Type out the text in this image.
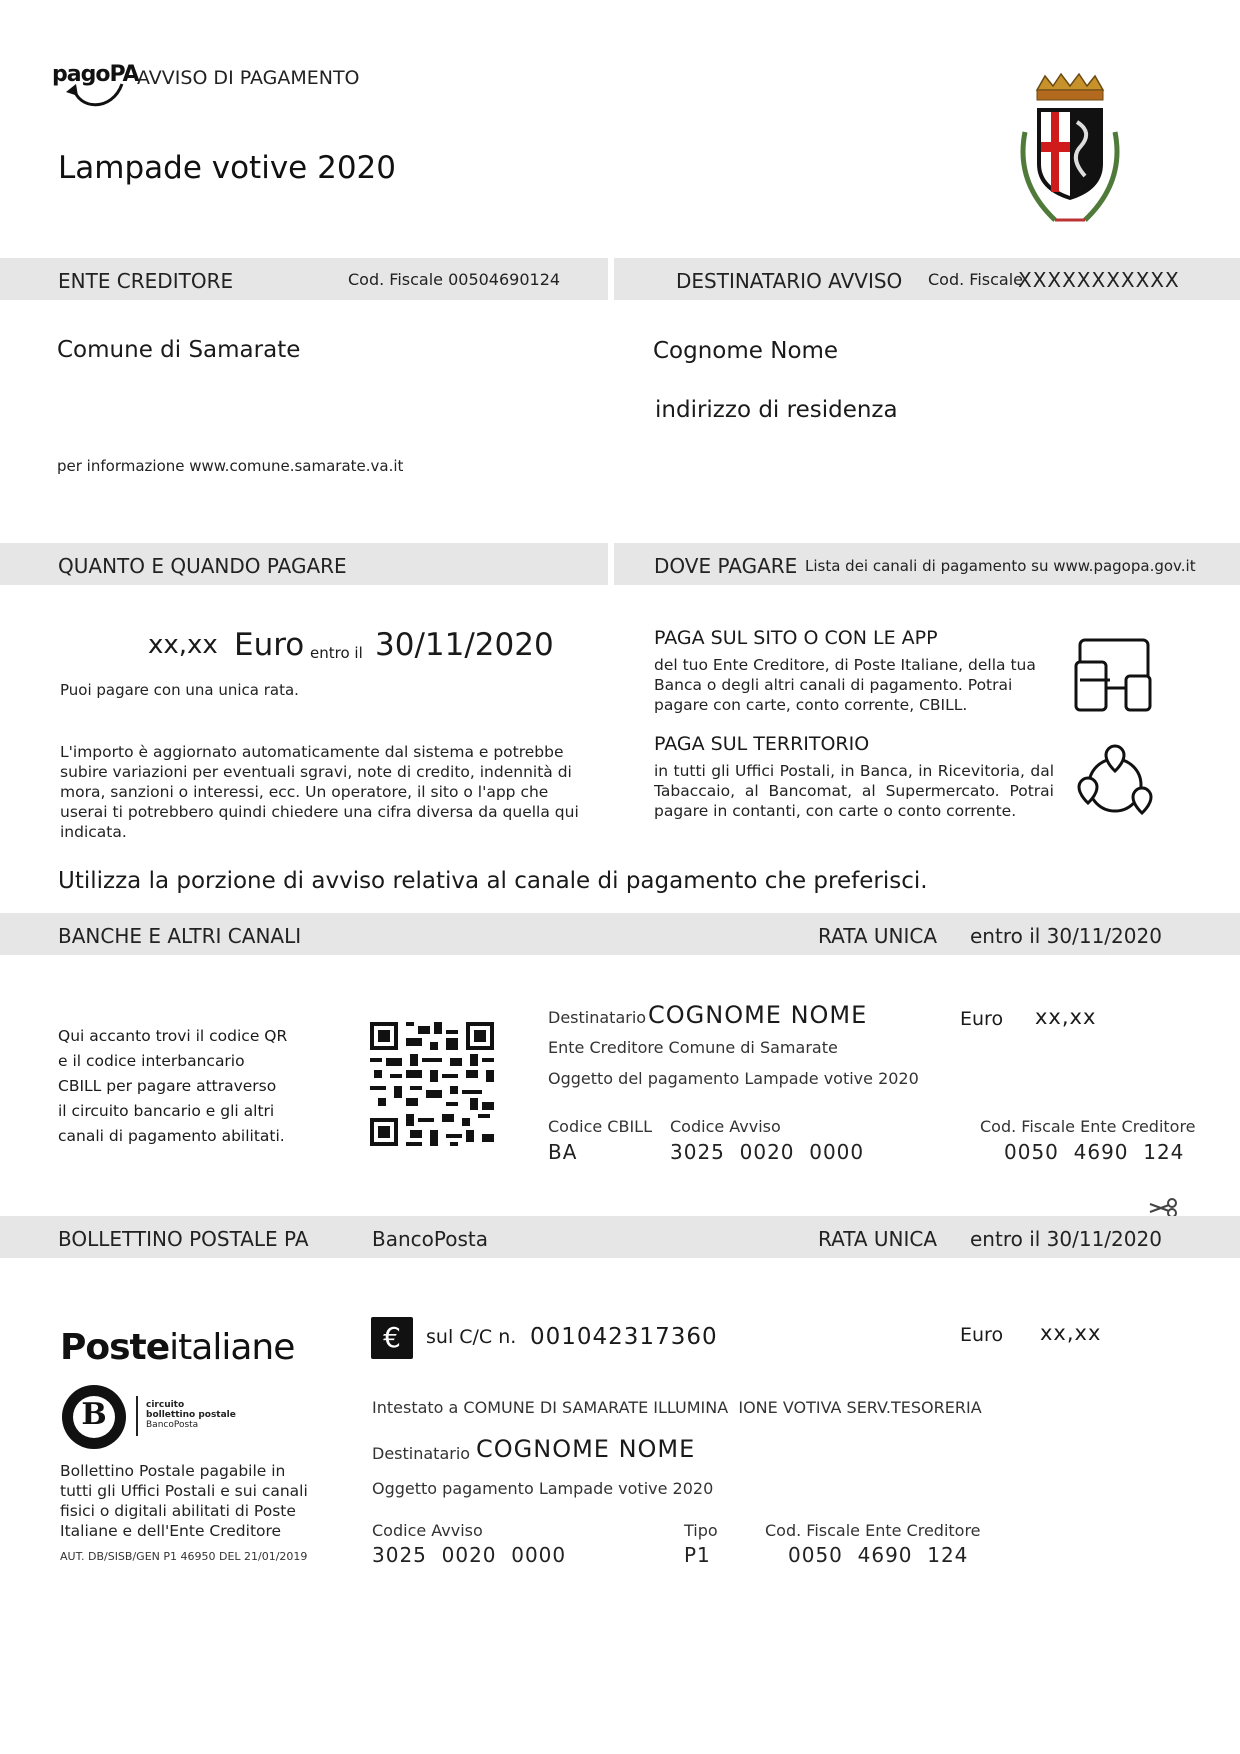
pagoPA
AVVISO DI PAGAMENTO
Lampade votive 2020
ENTE CREDITORE	Cod. Fiscale 00504690124	DESTINATARIO AVVISO Cod. Fiscale
XXXXXXXXXXX
Comune di Samarate	Cognome Nome
indirizzo di residenza
per informazione www.comune.samarate.va.it
QUANTO E QUANDO PAGARE	DOVE PAGARE Lista dei canali di pagamento su www.pagopa.gov.it
xx,xx Euro entro il 30/11/2020
Puoi pagare con una unica rata.
L'importo è aggiornato automaticamente dal sistema e potrebbe subire variazioni per eventuali sgravi, note di credito, indennità di mora, sanzioni o interessi, ecc. Un operatore, il sito o l'app che userai ti potrebbero quindi chiedere una cifra diversa da quella qui indicata.
PAGA SUL SITO O CON LE APP
del tuo Ente Creditore, di Poste Italiane, della tua Banca o degli altri canali di pagamento. Potrai pagare con carte, conto corrente, CBILL.
PAGA SUL TERRITORIO
in tutti gli Uffici Postali, in Banca, in Ricevitoria, dal Tabaccaio, al Bancomat, al Supermercato. Potrai pagare in contanti, con carte o conto corrente.
Utilizza la porzione di avviso relativa al canale di pagamento che preferisci.
BANCHE E ALTRI CANALI	RATA UNICA entro il 30/11/2020
Qui accanto trovi il codice QR e il codice interbancario CBILL per pagare attraverso il circuito bancario e gli altri canali di pagamento abilitati.
Destinatario COGNOME NOME	Euro xx,xx
Ente Creditore Comune di Samarate
Oggetto del pagamento Lampade votive 2020
Codice CBILL
BA
Codice Avviso
3025  0020  0000
Cod. Fiscale Ente Creditore
0050  4690  124
BOLLETTINO POSTALE PA	BancoPosta	RATA UNICA entro il 30/11/2020
Posteitaliane
B	circuito
bollettino postale
BancoPosta
Bollettino Postale pagabile in tutti gli Uffici Postali e sui canali fisici o digitali abilitati di Poste Italiane e dell'Ente Creditore
AUT. DB/SISB/GEN P1 46950 DEL 21/01/2019
€	sul C/C n. 001042317360	Euro xx,xx
Intestato a COMUNE DI SAMARATE ILLUMINA  IONE VOTIVA SERV.TESORERIA
Destinatario COGNOME NOME
Oggetto pagamento Lampade votive 2020
Codice Avviso
3025  0020  0000
Tipo
P1
Cod. Fiscale Ente Creditore
0050  4690  124
